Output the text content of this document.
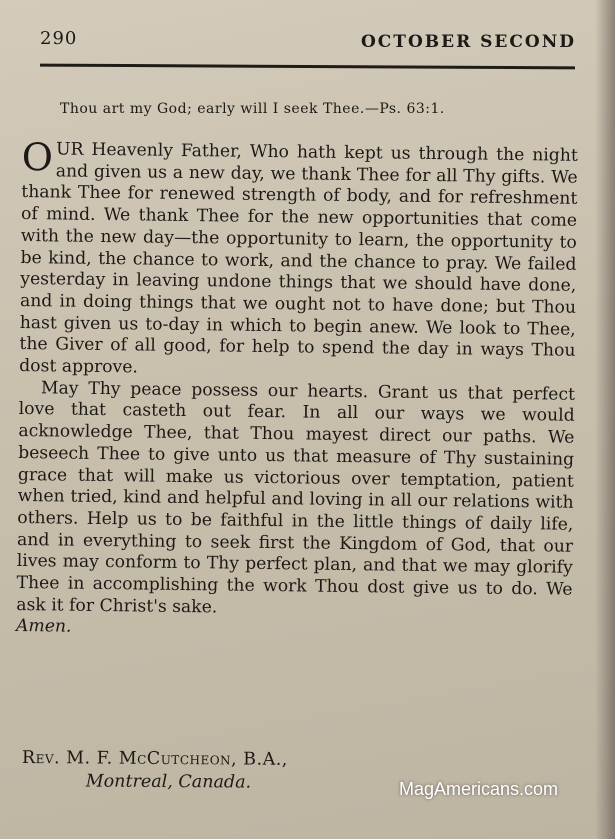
290	OCTOBER SECOND
Thou art my God; early will I seek Thee.—Ps. 63:1.

OUR Heavenly Father, Who hath kept us through the night and given us a new day, we thank Thee for all Thy gifts. We thank Thee for renewed strength of body, and for refreshment of mind. We thank Thee for the new opportunities that come with the new day—the opportunity to learn, the opportunity to be kind, the chance to work, and the chance to pray. We failed yesterday in leaving undone things that we should have done, and in doing things that we ought not to have done; but Thou hast given us to-day in which to begin anew. We look to Thee, the Giver of all good, for help to spend the day in ways Thou dost approve.

May Thy peace possess our hearts. Grant us that perfect love that casteth out fear. In all our ways we would acknowledge Thee, that Thou mayest direct our paths. We beseech Thee to give unto us that measure of Thy sustaining grace that will make us victorious over temptation, patient when tried, kind and helpful and loving in all our relations with others. Help us to be faithful in the little things of daily life, and in everything to seek first the Kingdom of God, that our lives may conform to Thy perfect plan, and that we may glorify Thee in accomplishing the work Thou dost give us to do. We ask it for Christ's sake.

Amen.

Rev. M. F. McCutcheon, B.A.,
Montreal, Canada.	MagAmericans.com
